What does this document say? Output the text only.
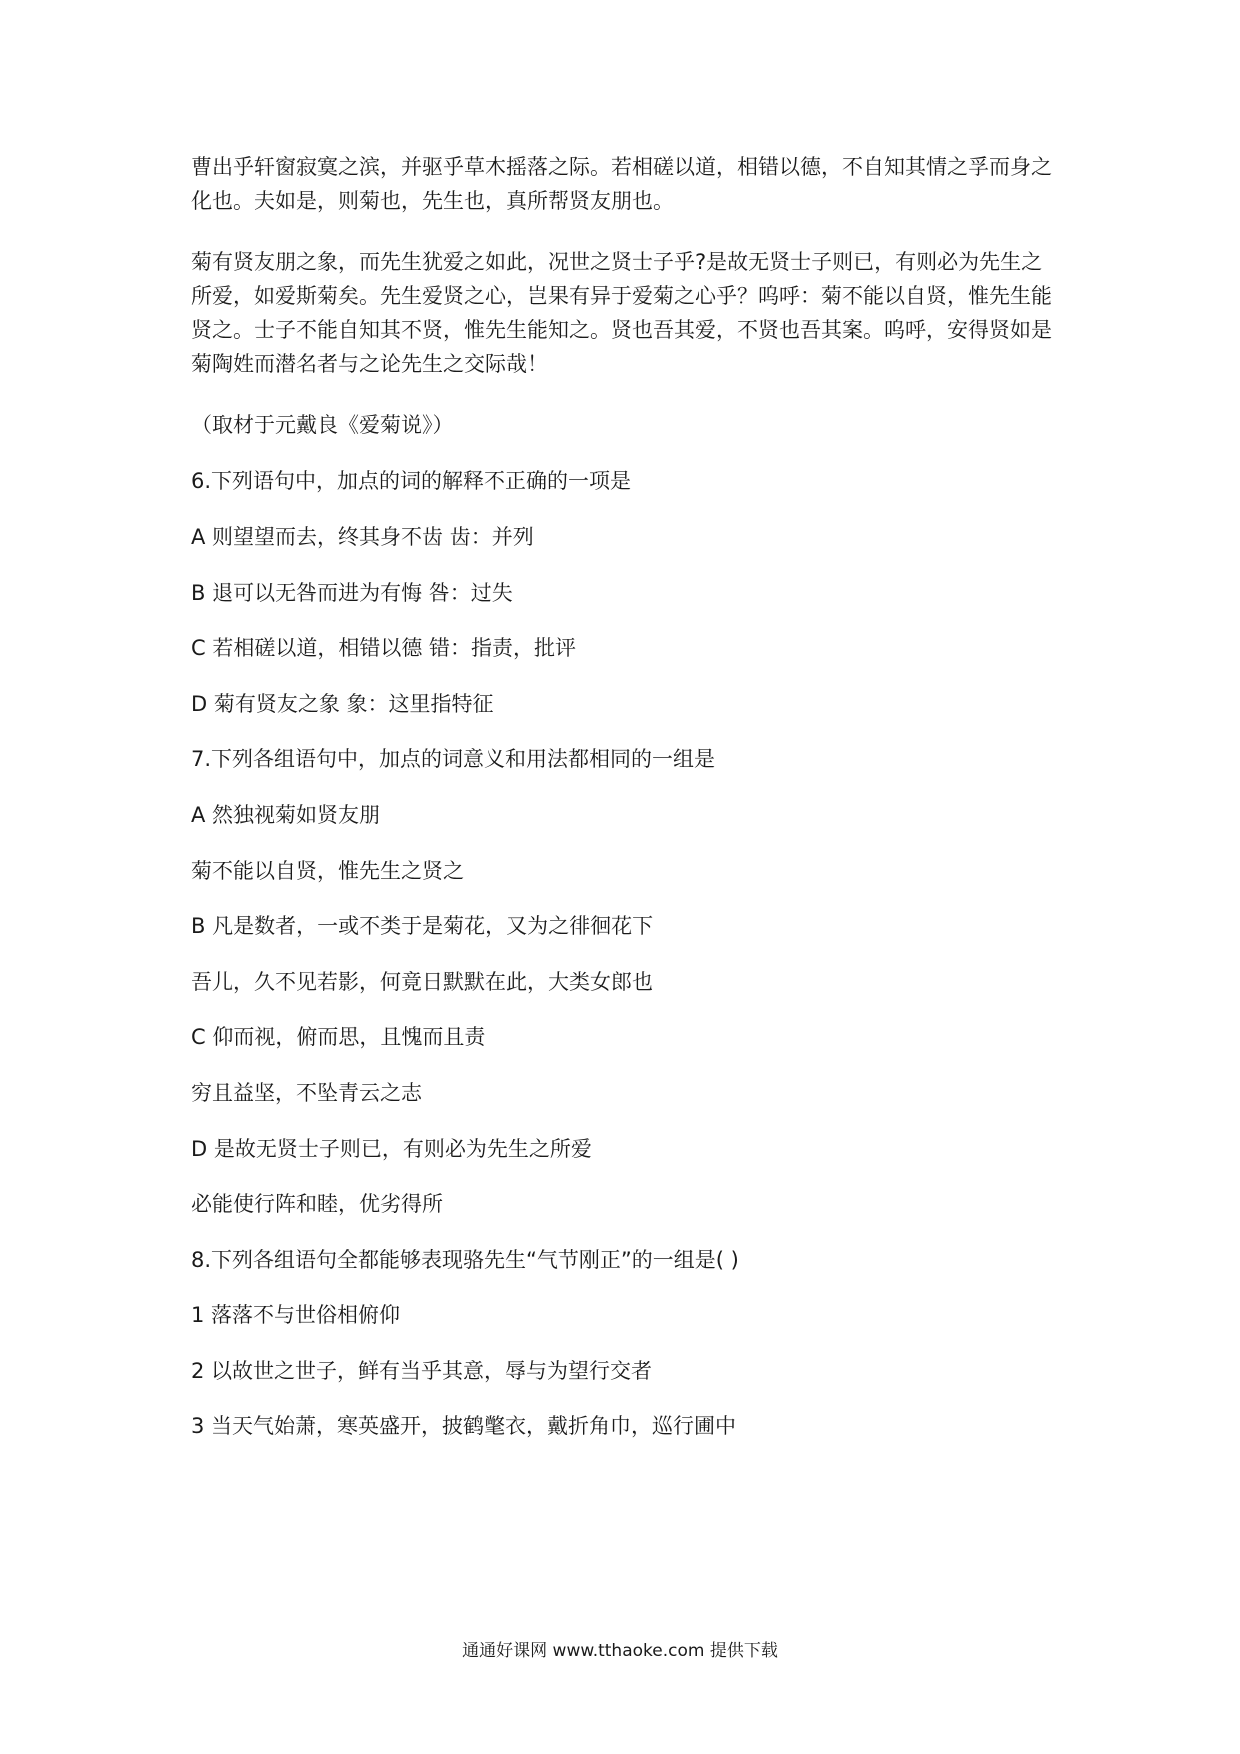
曹出乎轩窗寂寞之滨，并驱乎草木摇落之际。若相磋以道，相错以德，不自知其情之孚而身之化也。夫如是，则菊也，先生也，真所帮贤友朋也。

菊有贤友朋之象，而先生犹爱之如此，况世之贤士子乎?是故无贤士子则已，有则必为先生之所爱，如爱斯菊矣。先生爱贤之心，岂果有异于爱菊之心乎？呜呼：菊不能以自贤，惟先生能贤之。士子不能自知其不贤，惟先生能知之。贤也吾其爱，不贤也吾其案。呜呼，安得贤如是菊陶姓而潜名者与之论先生之交际哉！

（取材于元戴良《爱菊说》）

6.下列语句中，加点的词的解释不正确的一项是

A 则望望而去，终其身不齿 齿：并列

B 退可以无咎而进为有悔 咎：过失

C 若相磋以道，相错以德 错：指责，批评

D 菊有贤友之象 象：这里指特征

7.下列各组语句中，加点的词意义和用法都相同的一组是

A 然独视菊如贤友朋

菊不能以自贤，惟先生之贤之

B 凡是数者，一或不类于是菊花，又为之徘徊花下

吾儿，久不见若影，何竟日默默在此，大类女郎也

C 仰而视，俯而思，且愧而且责

穷且益坚，不坠青云之志

D 是故无贤士子则已，有则必为先生之所爱

必能使行阵和睦，优劣得所

8.下列各组语句全都能够表现骆先生“气节刚正”的一组是( )

1 落落不与世俗相俯仰

2 以故世之世子，鲜有当乎其意，辱与为望行交者

3 当天气始萧，寒英盛开，披鹤氅衣，戴折角巾，巡行圃中

通通好课网 www.tthaoke.com 提供下载
